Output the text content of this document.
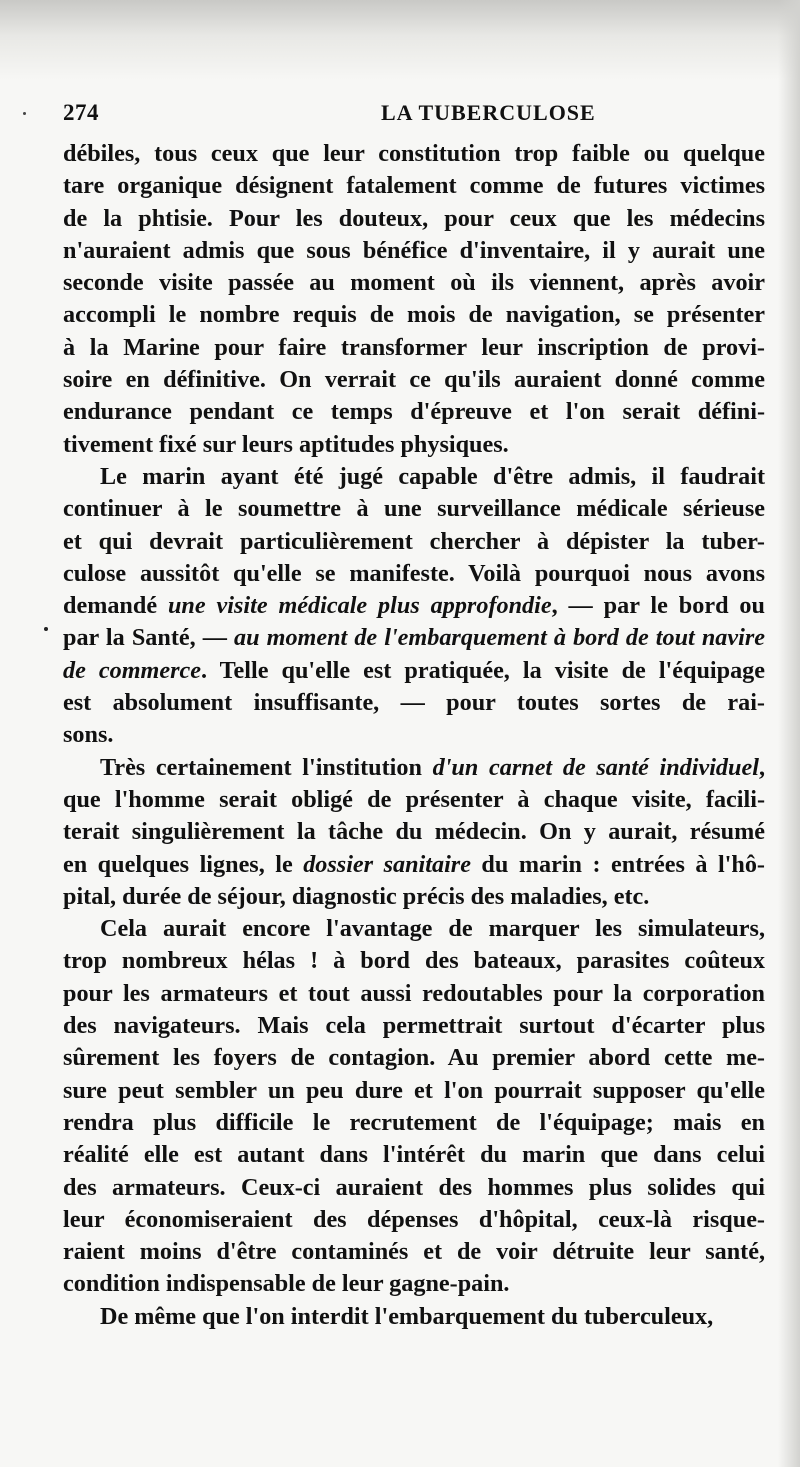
274	LA TUBERCULOSE
débiles, tous ceux que leur constitution trop faible ou quelque
tare organique désignent fatalement comme de futures victimes
de la phtisie. Pour les douteux, pour ceux que les médecins
n'auraient admis que sous bénéfice d'inventaire, il y aurait une
seconde visite passée au moment où ils viennent, après avoir
accompli le nombre requis de mois de navigation, se présenter
à la Marine pour faire transformer leur inscription de provi-
soire en définitive. On verrait ce qu'ils auraient donné comme
endurance pendant ce temps d'épreuve et l'on serait défini-
tivement fixé sur leurs aptitudes physiques.
Le marin ayant été jugé capable d'être admis, il faudrait
continuer à le soumettre à une surveillance médicale sérieuse
et qui devrait particulièrement chercher à dépister la tuber-
culose aussitôt qu'elle se manifeste. Voilà pourquoi nous avons
demandé une visite médicale plus approfondie, — par le bord ou
par la Santé, — au moment de l'embarquement à bord de tout navire
de commerce. Telle qu'elle est pratiquée, la visite de l'équipage
est absolument insuffisante, — pour toutes sortes de rai-
sons.
Très certainement l'institution d'un carnet de santé individuel,
que l'homme serait obligé de présenter à chaque visite, facili-
terait singulièrement la tâche du médecin. On y aurait, résumé
en quelques lignes, le dossier sanitaire du marin : entrées à l'hô-
pital, durée de séjour, diagnostic précis des maladies, etc.
Cela aurait encore l'avantage de marquer les simulateurs,
trop nombreux hélas ! à bord des bateaux, parasites coûteux
pour les armateurs et tout aussi redoutables pour la corporation
des navigateurs. Mais cela permettrait surtout d'écarter plus
sûrement les foyers de contagion. Au premier abord cette me-
sure peut sembler un peu dure et l'on pourrait supposer qu'elle
rendra plus difficile le recrutement de l'équipage; mais en
réalité elle est autant dans l'intérêt du marin que dans celui
des armateurs. Ceux-ci auraient des hommes plus solides qui
leur économiseraient des dépenses d'hôpital, ceux-là risque-
raient moins d'être contaminés et de voir détruite leur santé,
condition indispensable de leur gagne-pain.
De même que l'on interdit l'embarquement du tuberculeux,
